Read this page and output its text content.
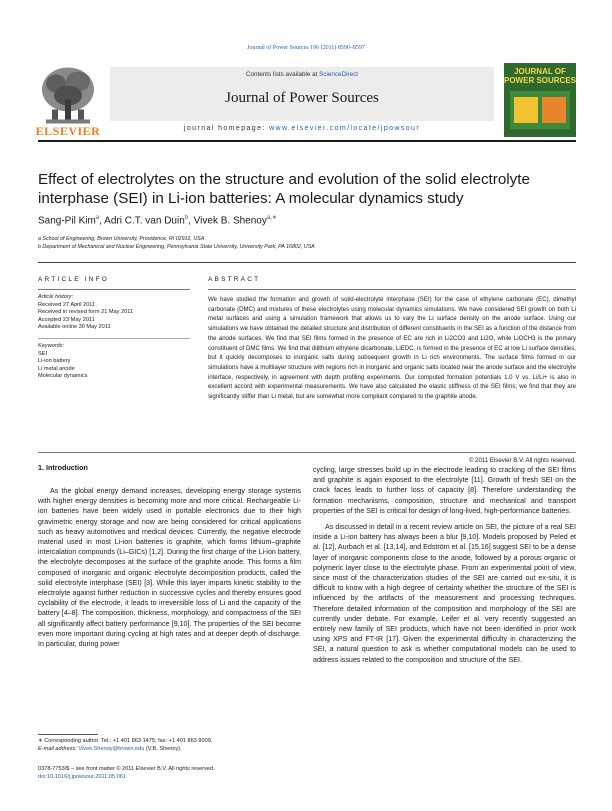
Journal of Power Sources 196 (2011) 8590–8597
ELSEVIER
Contents lists available at ScienceDirect
Journal of Power Sources
journal homepage: www.elsevier.com/locate/jpowsour
JOURNAL OF POWER SOURCES
Effect of electrolytes on the structure and evolution of the solid electrolyte interphase (SEI) in Li-ion batteries: A molecular dynamics study
Sang-Pil Kim$^a$, Adri C.T. van Duin$^b$, Vivek B. Shenoy$^{a,∗}$
a School of Engineering, Brown University, Providence, RI 02912, USA
b Department of Mechanical and Nuclear Engineering, Pennsylvania State University, University Park, PA 16802, USA
ARTICLE INFO
Article history:
Received 27 April 2011
Received in revised form 21 May 2011
Accepted 23 May 2011
Available online 30 May 2011
Keywords:
SEI
Li-ion battery
Li metal anode
Molecular dynamics
ABSTRACT
We have studied the formation and growth of solid-electrolyte interphase (SEI) for the case of ethylene carbonate (EC), dimethyl carbonate (DMC) and mixtures of these electrolytes using molecular dynamics simulations. We have considered SEI growth on both Li metal surfaces and using a simulation framework that allows us to vary the Li surface density on the anode surface. Using our simulations we have obtained the detailed structure and distribution of different constituents in the SEI as a function of the distance from the anode surfaces. We find that SEI films formed in the presence of EC are rich in Li2CO3 and Li2O, while LiOCH3 is the primary constituent of DMC films. We find that dilithium ethylene dicarbonate, LiEDC, is formed in the presence of EC at low Li surface densities, but it quickly decomposes to inorganic salts during subsequent growth in Li rich environments. The surface films formed in our simulations have a multilayer structure with regions rich in inorganic and organic salts located near the anode surface and the electrolyte interface, respectively, in agreement with depth profiling experiments. Our computed formation potentials 1.0 V vs. Li/Li+ is also in excellent accord with experimental measurements. We have also calculated the elastic stiffness of the SEI films; we find that they are significantly stiffer than Li metal, but are somewhat more compliant compared to the graphite anode.
© 2011 Elsevier B.V. All rights reserved.
1. Introduction
As the global energy demand increases, developing energy storage systems with higher energy densities is becoming more and more critical. Rechargeable Li-ion batteries have been widely used in portable electronics due to their high gravimetric energy storage and now are being considered for critical applications such as heavy automotives and medical devices. Currently, the negative electrode material used in most Li-ion batteries is graphite, which forms lithium–graphite intercalation compounds (Li–GICs) [1,2]. During the first charge of the Li-ion battery, the electrolyte decomposes at the surface of the graphite anode. This forms a film composed of inorganic and organic electrolyte decomposition products, called the solid electrolyte interphase (SEI) [3]. While this layer imparts kinetic stability to the electrolyte against further reduction in successive cycles and thereby ensures good cyclability of the electrode, it leads to irreversible loss of Li and the capacity of the battery [4–8]. The composition, thickness, morphology, and compactness of the SEI all significantly affect battery performance [9,10]. The properties of the SEI become even more important during cycling at high rates and at deeper depth of discharge. In particular, during power
cycling, large stresses build up in the electrode leading to cracking of the SEI films and graphite is again exposed to the electrolyte [11]. Growth of fresh SEI on the crack faces leads to further loss of capacity [8]. Therefore understanding the formation mechanisms, composition, structure and mechanical and transport properties of the SEI is critical for design of long-lived, high-performance batteries.
As discussed in detail in a recent review article on SEI, the picture of a real SEI inside a Li-ion battery has always been a blur [9,10]. Models proposed by Peled et al. [12], Aurbach et al. [13,14], and Edström et al. [15,16] suggest SEI to be a dense layer of inorganic components close to the anode, followed by a porous organic or polymeric layer close to the electrolyte phase. From an experimental point of view, since most of the characterization studies of the SEI are carried out ex-situ, it is difficult to know with a high degree of certainty whether the structure of the SEI is influenced by the artifacts of the measurement and processing techniques. Therefore detailed information of the composition and morphology of the SEI are currently under debate. For example, Leifer et al. very recently suggested an entirely new family of SEI products, which have not been identified in prior work using XPS and FT-IR [17]. Given the experimental difficulty in characterizing the SEI, a natural question to ask is whether computational models can be used to address issues related to the composition and structure of the SEI.
∗ Corresponding author. Tel.: +1 401 863 1475; fax: +1 401 863 9009.
E-mail address: Vivek.Shenoy@brown.edu (V.B. Shenoy).
0378-7753/$ – see front matter © 2011 Elsevier B.V. All rights reserved.
doi:10.1016/j.jpowsour.2011.05.061
